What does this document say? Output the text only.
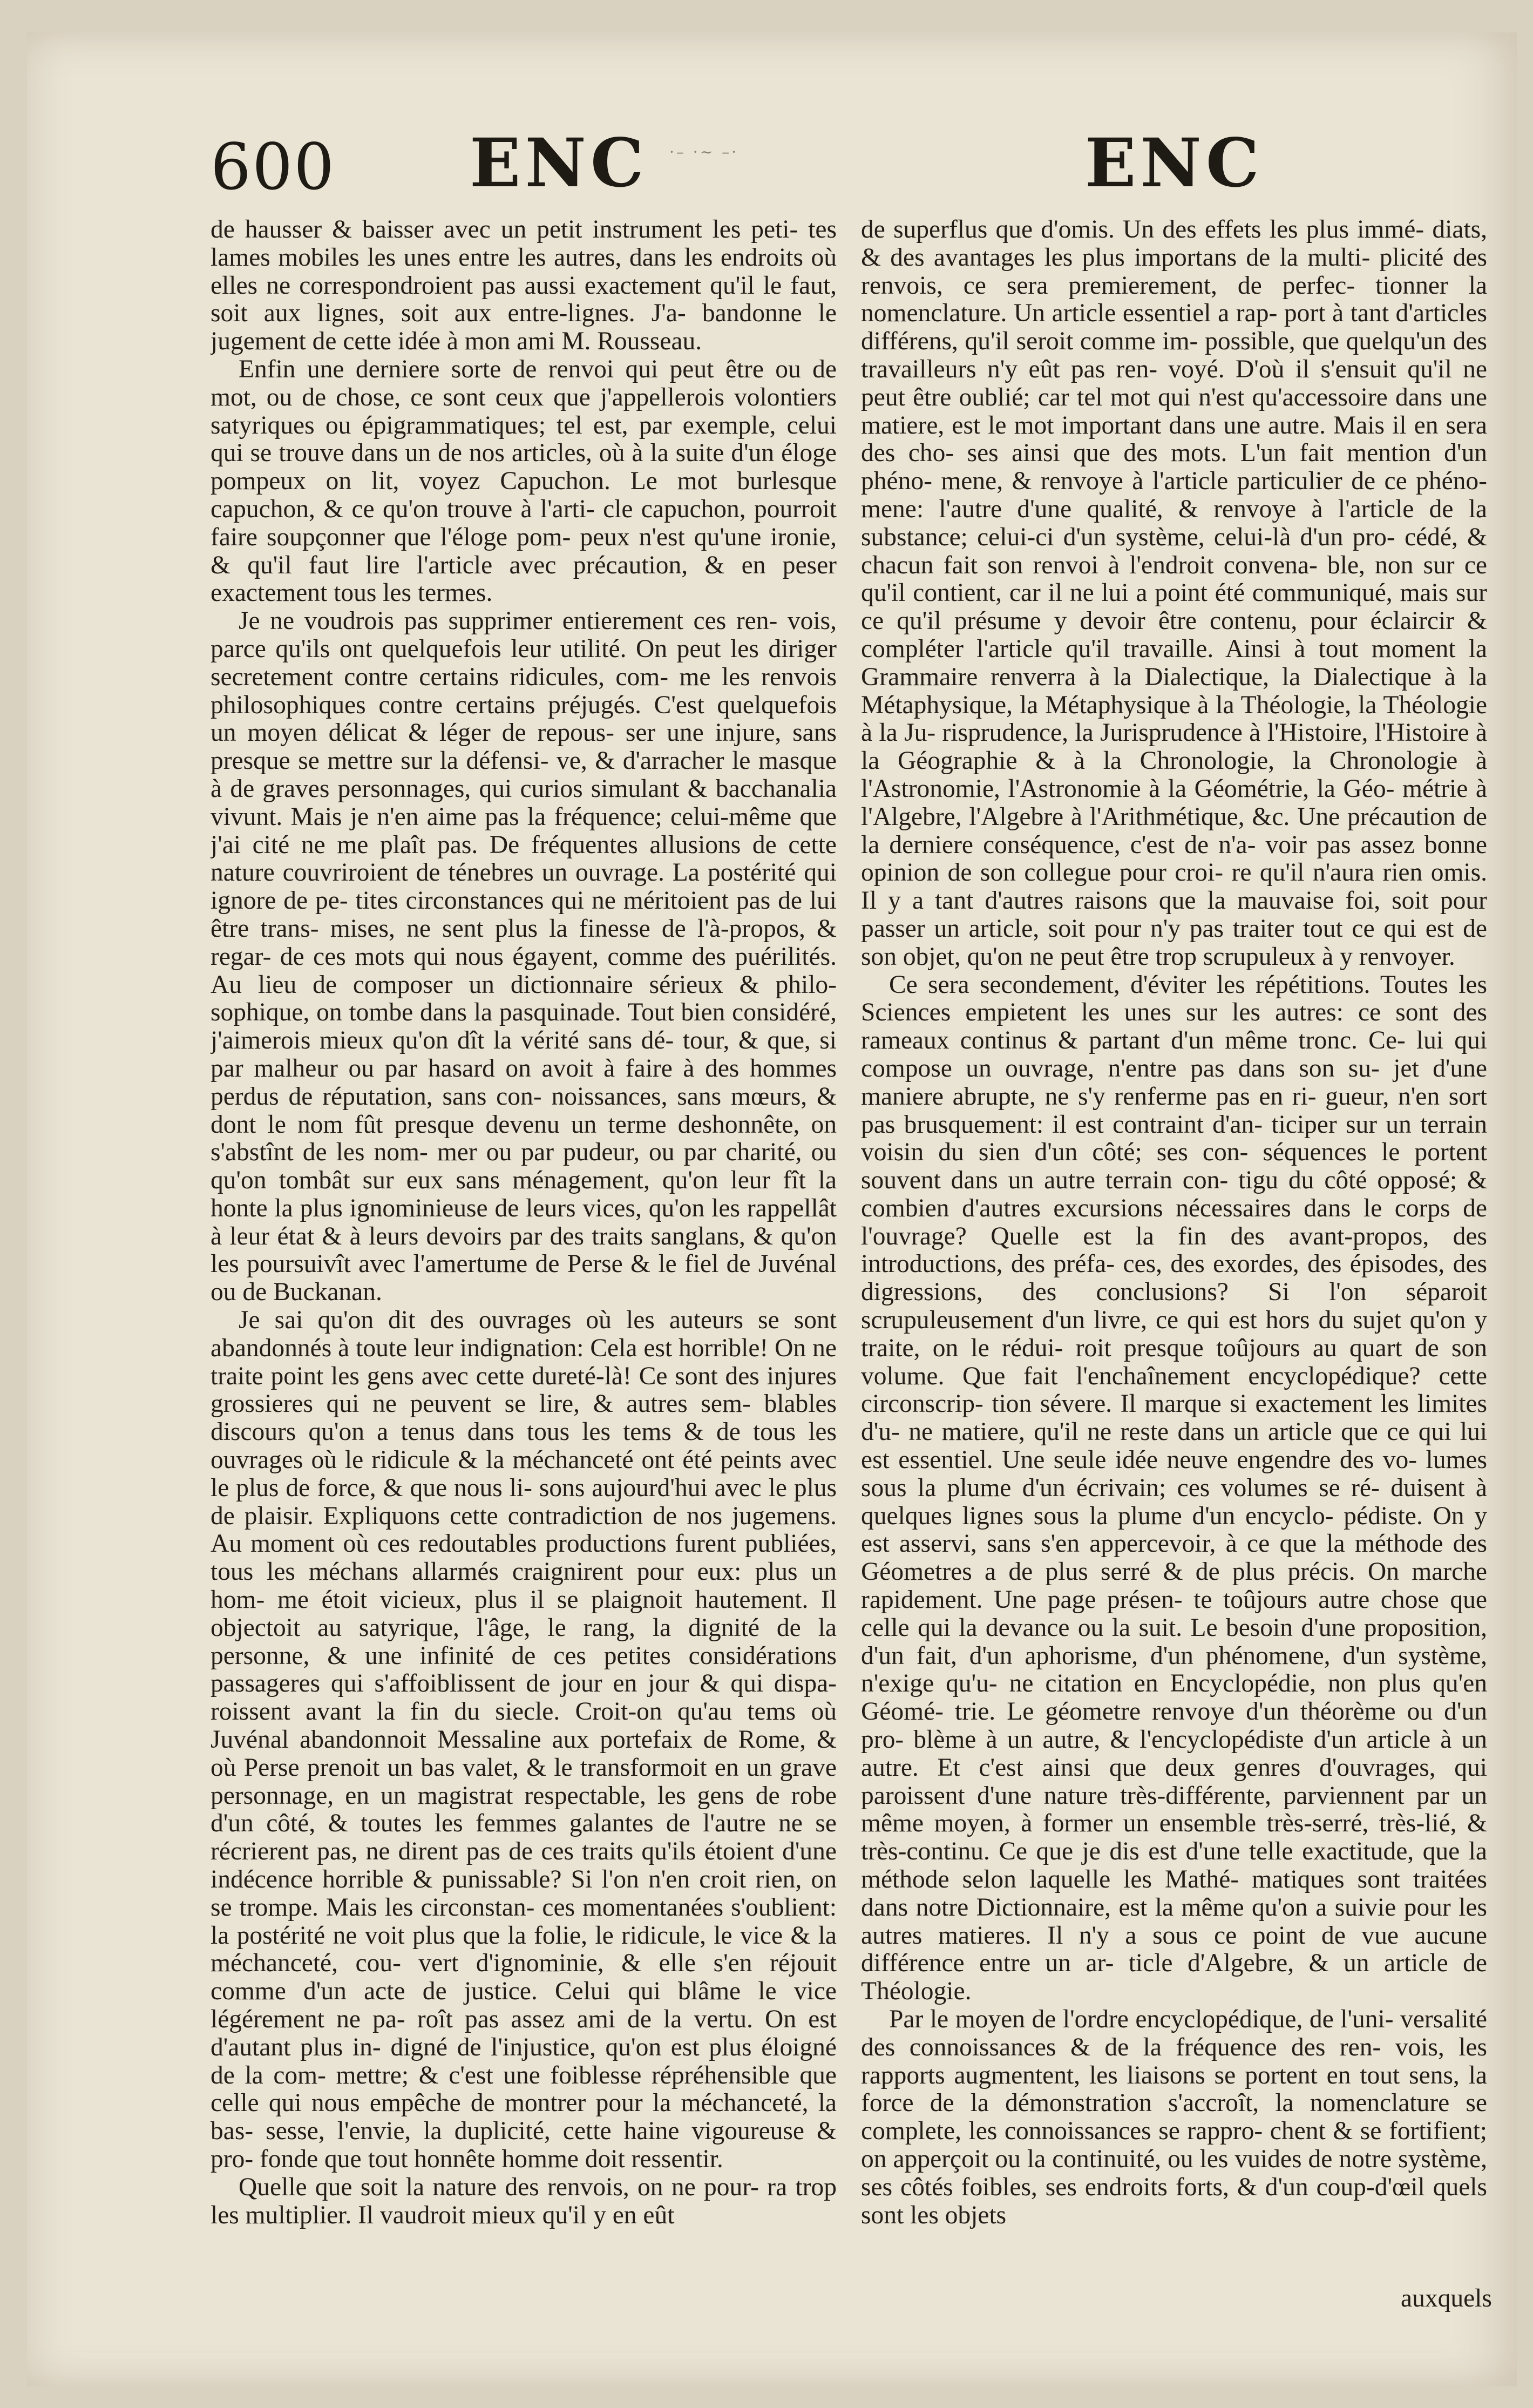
600 ENC ·– ·~ –·	ENC

de hausser & baisser avec un petit instrument les peti- tes lames mobiles les unes entre les autres, dans les endroits où elles ne correspondroient pas aussi exactement qu'il le faut, soit aux lignes, soit aux entre-lignes. J'a- bandonne le jugement de cette idée à mon ami M. Rousseau.

Enfin une derniere sorte de renvoi qui peut être ou de mot, ou de chose, ce sont ceux que j'appellerois volontiers satyriques ou épigrammatiques; tel est, par exemple, celui qui se trouve dans un de nos articles, où à la suite d'un éloge pompeux on lit, voyez Capuchon. Le mot burlesque capuchon, & ce qu'on trouve à l'arti- cle capuchon, pourroit faire soupçonner que l'éloge pom- peux n'est qu'une ironie, & qu'il faut lire l'article avec précaution, & en peser exactement tous les termes.

Je ne voudrois pas supprimer entierement ces ren- vois, parce qu'ils ont quelquefois leur utilité. On peut les diriger secretement contre certains ridicules, com- me les renvois philosophiques contre certains préjugés. C'est quelquefois un moyen délicat & léger de repous- ser une injure, sans presque se mettre sur la défensi- ve, & d'arracher le masque à de graves personnages, qui curios simulant & bacchanalia vivunt. Mais je n'en aime pas la fréquence; celui-même que j'ai cité ne me plaît pas. De fréquentes allusions de cette nature couvriroient de ténebres un ouvrage. La postérité qui ignore de pe- tites circonstances qui ne méritoient pas de lui être trans- mises, ne sent plus la finesse de l'à-propos, & regar- de ces mots qui nous égayent, comme des puérilités. Au lieu de composer un dictionnaire sérieux & philo- sophique, on tombe dans la pasquinade. Tout bien considéré, j'aimerois mieux qu'on dît la vérité sans dé- tour, & que, si par malheur ou par hasard on avoit à faire à des hommes perdus de réputation, sans con- noissances, sans mœurs, & dont le nom fût presque devenu un terme deshonnête, on s'abstînt de les nom- mer ou par pudeur, ou par charité, ou qu'on tombât sur eux sans ménagement, qu'on leur fît la honte la plus ignominieuse de leurs vices, qu'on les rappellât à leur état & à leurs devoirs par des traits sanglans, & qu'on les poursuivît avec l'amertume de Perse & le fiel de Juvénal ou de Buckanan.

Je sai qu'on dit des ouvrages où les auteurs se sont abandonnés à toute leur indignation: Cela est horrible! On ne traite point les gens avec cette dureté-là! Ce sont des injures grossieres qui ne peuvent se lire, & autres sem- blables discours qu'on a tenus dans tous les tems & de tous les ouvrages où le ridicule & la méchanceté ont été peints avec le plus de force, & que nous li- sons aujourd'hui avec le plus de plaisir. Expliquons cette contradiction de nos jugemens. Au moment où ces redoutables productions furent publiées, tous les méchans allarmés craignirent pour eux: plus un hom- me étoit vicieux, plus il se plaignoit hautement. Il objectoit au satyrique, l'âge, le rang, la dignité de la personne, & une infinité de ces petites considérations passageres qui s'affoiblissent de jour en jour & qui dispa- roissent avant la fin du siecle. Croit-on qu'au tems où Juvénal abandonnoit Messaline aux portefaix de Rome, & où Perse prenoit un bas valet, & le transformoit en un grave personnage, en un magistrat respectable, les gens de robe d'un côté, & toutes les femmes galantes de l'autre ne se récrierent pas, ne dirent pas de ces traits qu'ils étoient d'une indécence horrible & punissable? Si l'on n'en croit rien, on se trompe. Mais les circonstan- ces momentanées s'oublient: la postérité ne voit plus que la folie, le ridicule, le vice & la méchanceté, cou- vert d'ignominie, & elle s'en réjouit comme d'un acte de justice. Celui qui blâme le vice légérement ne pa- roît pas assez ami de la vertu. On est d'autant plus in- digné de l'injustice, qu'on est plus éloigné de la com- mettre; & c'est une foiblesse répréhensible que celle qui nous empêche de montrer pour la méchanceté, la bas- sesse, l'envie, la duplicité, cette haine vigoureuse & pro- fonde que tout honnête homme doit ressentir.

Quelle que soit la nature des renvois, on ne pour- ra trop les multiplier. Il vaudroit mieux qu'il y en eût

de superflus que d'omis. Un des effets les plus immé- diats, & des avantages les plus importans de la multi- plicité des renvois, ce sera premierement, de perfec- tionner la nomenclature. Un article essentiel a rap- port à tant d'articles différens, qu'il seroit comme im- possible, que quelqu'un des travailleurs n'y eût pas ren- voyé. D'où il s'ensuit qu'il ne peut être oublié; car tel mot qui n'est qu'accessoire dans une matiere, est le mot important dans une autre. Mais il en sera des cho- ses ainsi que des mots. L'un fait mention d'un phéno- mene, & renvoye à l'article particulier de ce phéno- mene: l'autre d'une qualité, & renvoye à l'article de la substance; celui-ci d'un système, celui-là d'un pro- cédé, & chacun fait son renvoi à l'endroit convena- ble, non sur ce qu'il contient, car il ne lui a point été communiqué, mais sur ce qu'il présume y devoir être contenu, pour éclaircir & compléter l'article qu'il travaille. Ainsi à tout moment la Grammaire renverra à la Dialectique, la Dialectique à la Métaphysique, la Métaphysique à la Théologie, la Théologie à la Ju- risprudence, la Jurisprudence à l'Histoire, l'Histoire à la Géographie & à la Chronologie, la Chronologie à l'Astronomie, l'Astronomie à la Géométrie, la Géo- métrie à l'Algebre, l'Algebre à l'Arithmétique, &c. Une précaution de la derniere conséquence, c'est de n'a- voir pas assez bonne opinion de son collegue pour croi- re qu'il n'aura rien omis. Il y a tant d'autres raisons que la mauvaise foi, soit pour passer un article, soit pour n'y pas traiter tout ce qui est de son objet, qu'on ne peut être trop scrupuleux à y renvoyer.

Ce sera secondement, d'éviter les répétitions. Toutes les Sciences empietent les unes sur les autres: ce sont des rameaux continus & partant d'un même tronc. Ce- lui qui compose un ouvrage, n'entre pas dans son su- jet d'une maniere abrupte, ne s'y renferme pas en ri- gueur, n'en sort pas brusquement: il est contraint d'an- ticiper sur un terrain voisin du sien d'un côté; ses con- séquences le portent souvent dans un autre terrain con- tigu du côté opposé; & combien d'autres excursions nécessaires dans le corps de l'ouvrage? Quelle est la fin des avant-propos, des introductions, des préfa- ces, des exordes, des épisodes, des digressions, des conclusions? Si l'on séparoit scrupuleusement d'un livre, ce qui est hors du sujet qu'on y traite, on le rédui- roit presque toûjours au quart de son volume. Que fait l'enchaînement encyclopédique? cette circonscrip- tion sévere. Il marque si exactement les limites d'u- ne matiere, qu'il ne reste dans un article que ce qui lui est essentiel. Une seule idée neuve engendre des vo- lumes sous la plume d'un écrivain; ces volumes se ré- duisent à quelques lignes sous la plume d'un encyclo- pédiste. On y est asservi, sans s'en appercevoir, à ce que la méthode des Géometres a de plus serré & de plus précis. On marche rapidement. Une page présen- te toûjours autre chose que celle qui la devance ou la suit. Le besoin d'une proposition, d'un fait, d'un aphorisme, d'un phénomene, d'un système, n'exige qu'u- ne citation en Encyclopédie, non plus qu'en Géomé- trie. Le géometre renvoye d'un théorème ou d'un pro- blème à un autre, & l'encyclopédiste d'un article à un autre. Et c'est ainsi que deux genres d'ouvrages, qui paroissent d'une nature très-différente, parviennent par un même moyen, à former un ensemble très-serré, très-lié, & très-continu. Ce que je dis est d'une telle exactitude, que la méthode selon laquelle les Mathé- matiques sont traitées dans notre Dictionnaire, est la même qu'on a suivie pour les autres matieres. Il n'y a sous ce point de vue aucune différence entre un ar- ticle d'Algebre, & un article de Théologie.

Par le moyen de l'ordre encyclopédique, de l'uni- versalité des connoissances & de la fréquence des ren- vois, les rapports augmentent, les liaisons se portent en tout sens, la force de la démonstration s'accroît, la nomenclature se complete, les connoissances se rappro- chent & se fortifient; on apperçoit ou la continuité, ou les vuides de notre système, ses côtés foibles, ses endroits forts, & d'un coup-d'œil quels sont les objets

auxquels
